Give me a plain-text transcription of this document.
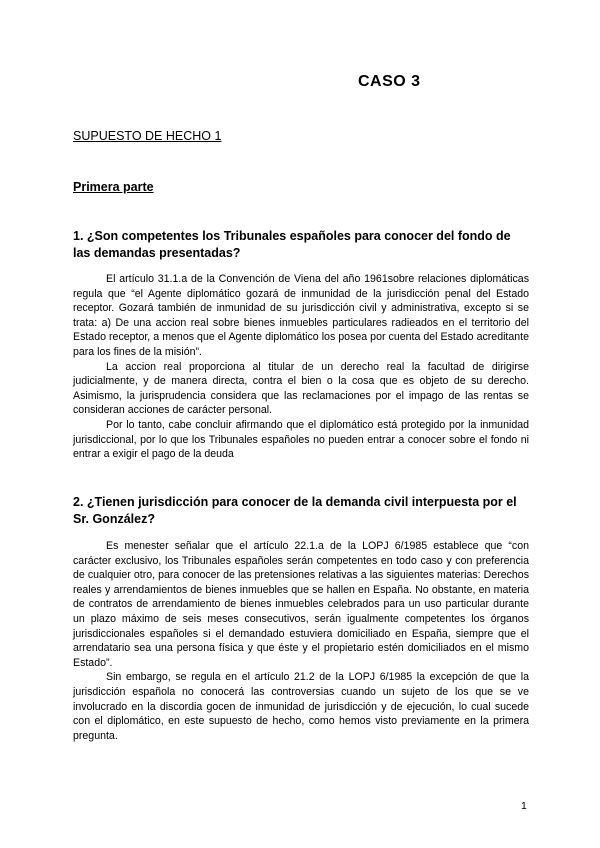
CASO 3
SUPUESTO DE HECHO 1
Primera parte
1. ¿Son competentes los Tribunales españoles para conocer del fondo de las demandas presentadas?

El artículo 31.1.a de la Convención de Viena del año 1961sobre relaciones diplomáticas regula que “el Agente diplomático gozará de inmunidad de la jurisdicción penal del Estado receptor. Gozará también de inmunidad de su jurisdicción civil y administrativa, excepto si se trata: a) De una accion real sobre bienes inmuebles particulares radieados en el territorio del Estado receptor, a menos que el Agente diplomático los posea por cuenta del Estado acreditante para los fines de la misión”.

La accion real proporciona al titular de un derecho real la facultad de dirigirse judicialmente, y de manera directa, contra el bien o la cosa que es objeto de su derecho. Asimismo, la jurisprudencia considera que las reclamaciones por el impago de las rentas se consideran acciones de carácter personal.

Por lo tanto, cabe concluir afirmando que el diplomático está protegido por la inmunidad jurisdiccional, por lo que los Tribunales españoles no pueden entrar a conocer sobre el fondo ni entrar a exigir el pago de la deuda

2. ¿Tienen jurisdicción para conocer de la demanda civil interpuesta por el Sr. González?

Es menester señalar que el artículo 22.1.a de la LOPJ 6/1985 establece que “con carácter exclusivo, los Tribunales españoles serán competentes en todo caso y con preferencia de cualquier otro, para conocer de las pretensiones relativas a las siguientes materias: Derechos reales y arrendamientos de bienes inmuebles que se hallen en España. No obstante, en materia de contratos de arrendamiento de bienes inmuebles celebrados para un uso particular durante un plazo máximo de seis meses consecutivos, serán igualmente competentes los órganos jurisdiccionales españoles si el demandado estuviera domiciliado en España, siempre que el arrendatario sea una persona física y que éste y el propietario estén domiciliados en el mismo Estado”.

Sin embargo, se regula en el artículo 21.2 de la LOPJ 6/1985 la excepción de que la jurisdicción española no conocerá las controversias cuando un sujeto de los que se ve involucrado en la discordia gocen de inmunidad de jurisdicción y de ejecución, lo cual sucede con el diplomático, en este supuesto de hecho, como hemos visto previamente en la primera pregunta.

1
